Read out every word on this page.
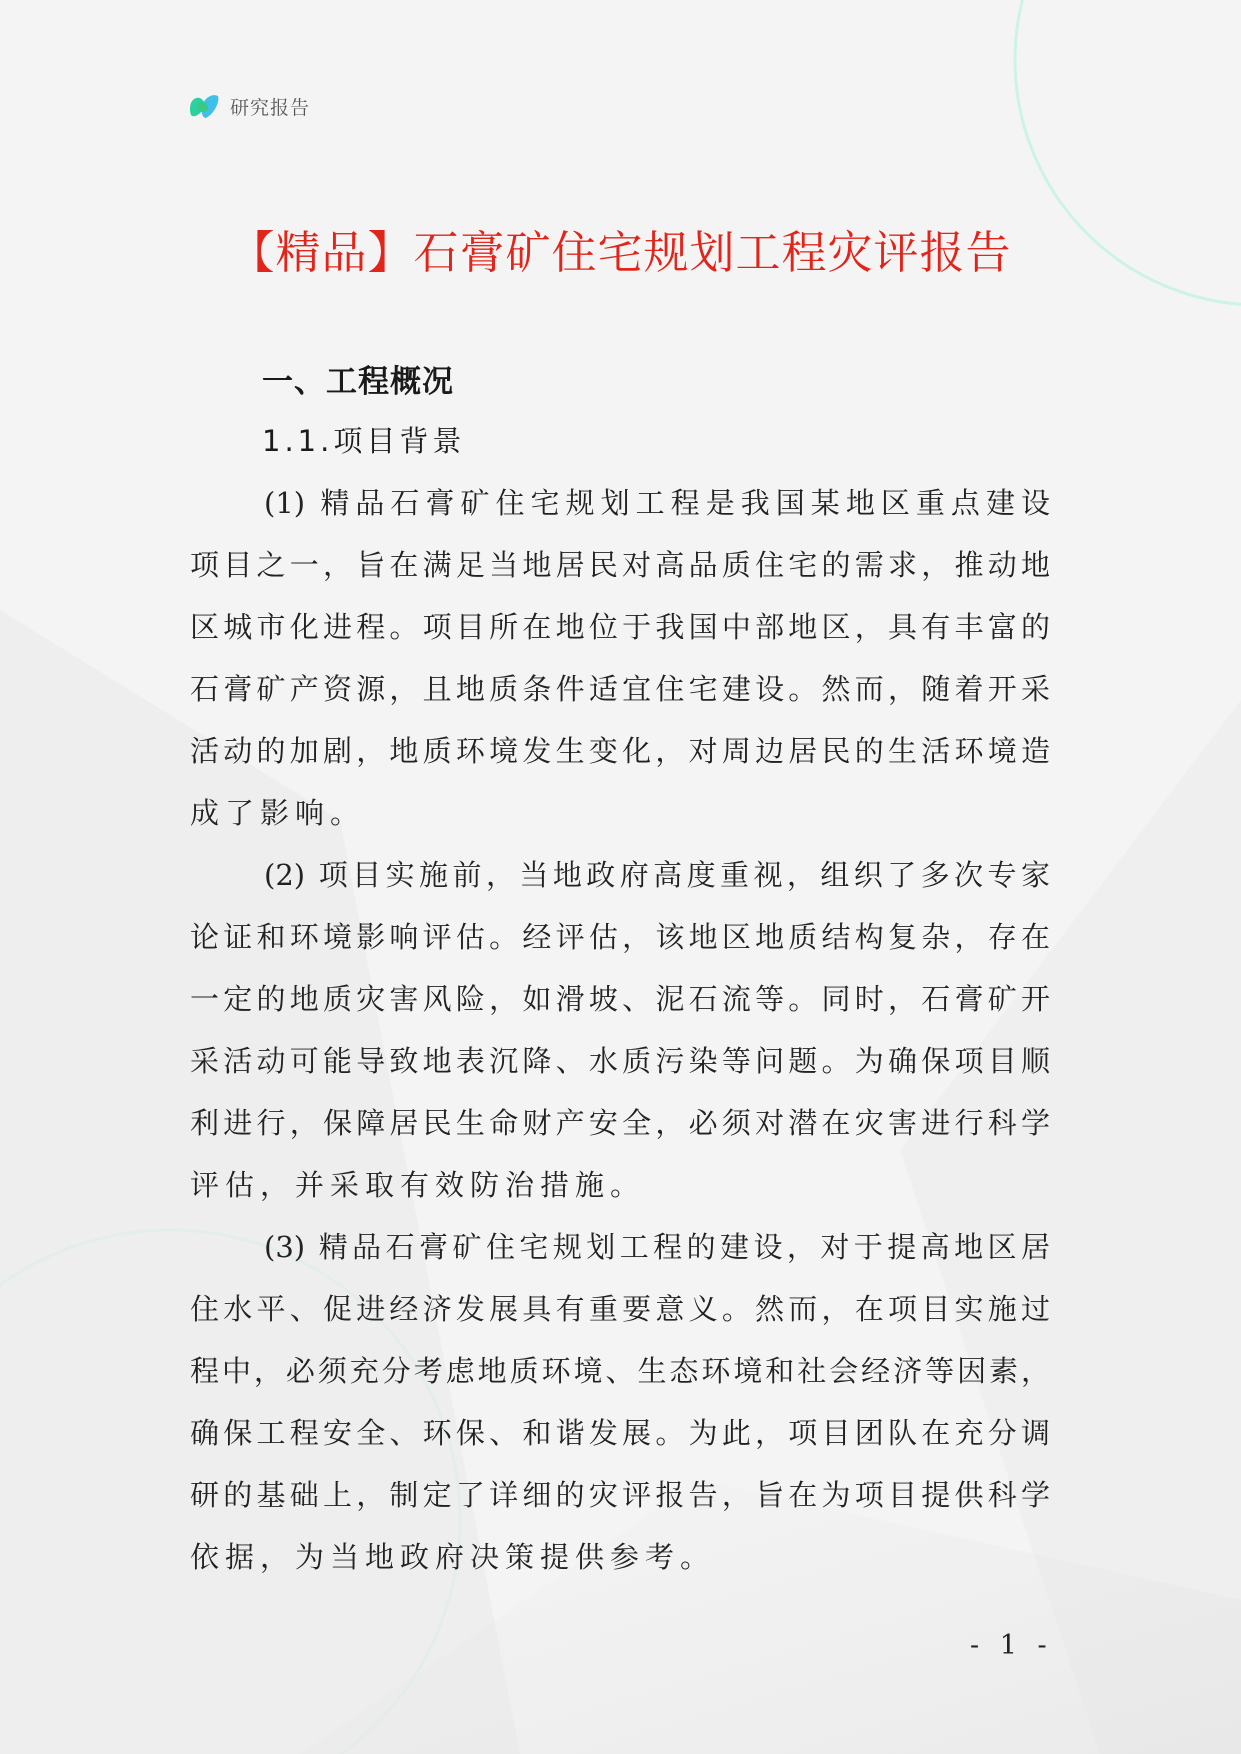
研究报告
【精品】石膏矿住宅规划工程灾评报告
一、工程概况
1.1.项目背景
(1) 精品石膏矿住宅规划工程是我国某地区重点建设
项目之一，旨在满足当地居民对高品质住宅的需求，推动地
区城市化进程。项目所在地位于我国中部地区，具有丰富的
石膏矿产资源，且地质条件适宜住宅建设。然而，随着开采
活动的加剧，地质环境发生变化，对周边居民的生活环境造
成了影响。
(2) 项目实施前，当地政府高度重视，组织了多次专家
论证和环境影响评估。经评估，该地区地质结构复杂，存在
一定的地质灾害风险，如滑坡、泥石流等。同时，石膏矿开
采活动可能导致地表沉降、水质污染等问题。为确保项目顺
利进行，保障居民生命财产安全，必须对潜在灾害进行科学
评估，并采取有效防治措施。
(3) 精品石膏矿住宅规划工程的建设，对于提高地区居
住水平、促进经济发展具有重要意义。然而，在项目实施过
程中，必须充分考虑地质环境、生态环境和社会经济等因素，
确保工程安全、环保、和谐发展。为此，项目团队在充分调
研的基础上，制定了详细的灾评报告，旨在为项目提供科学
依据，为当地政府决策提供参考。
- 1 -
